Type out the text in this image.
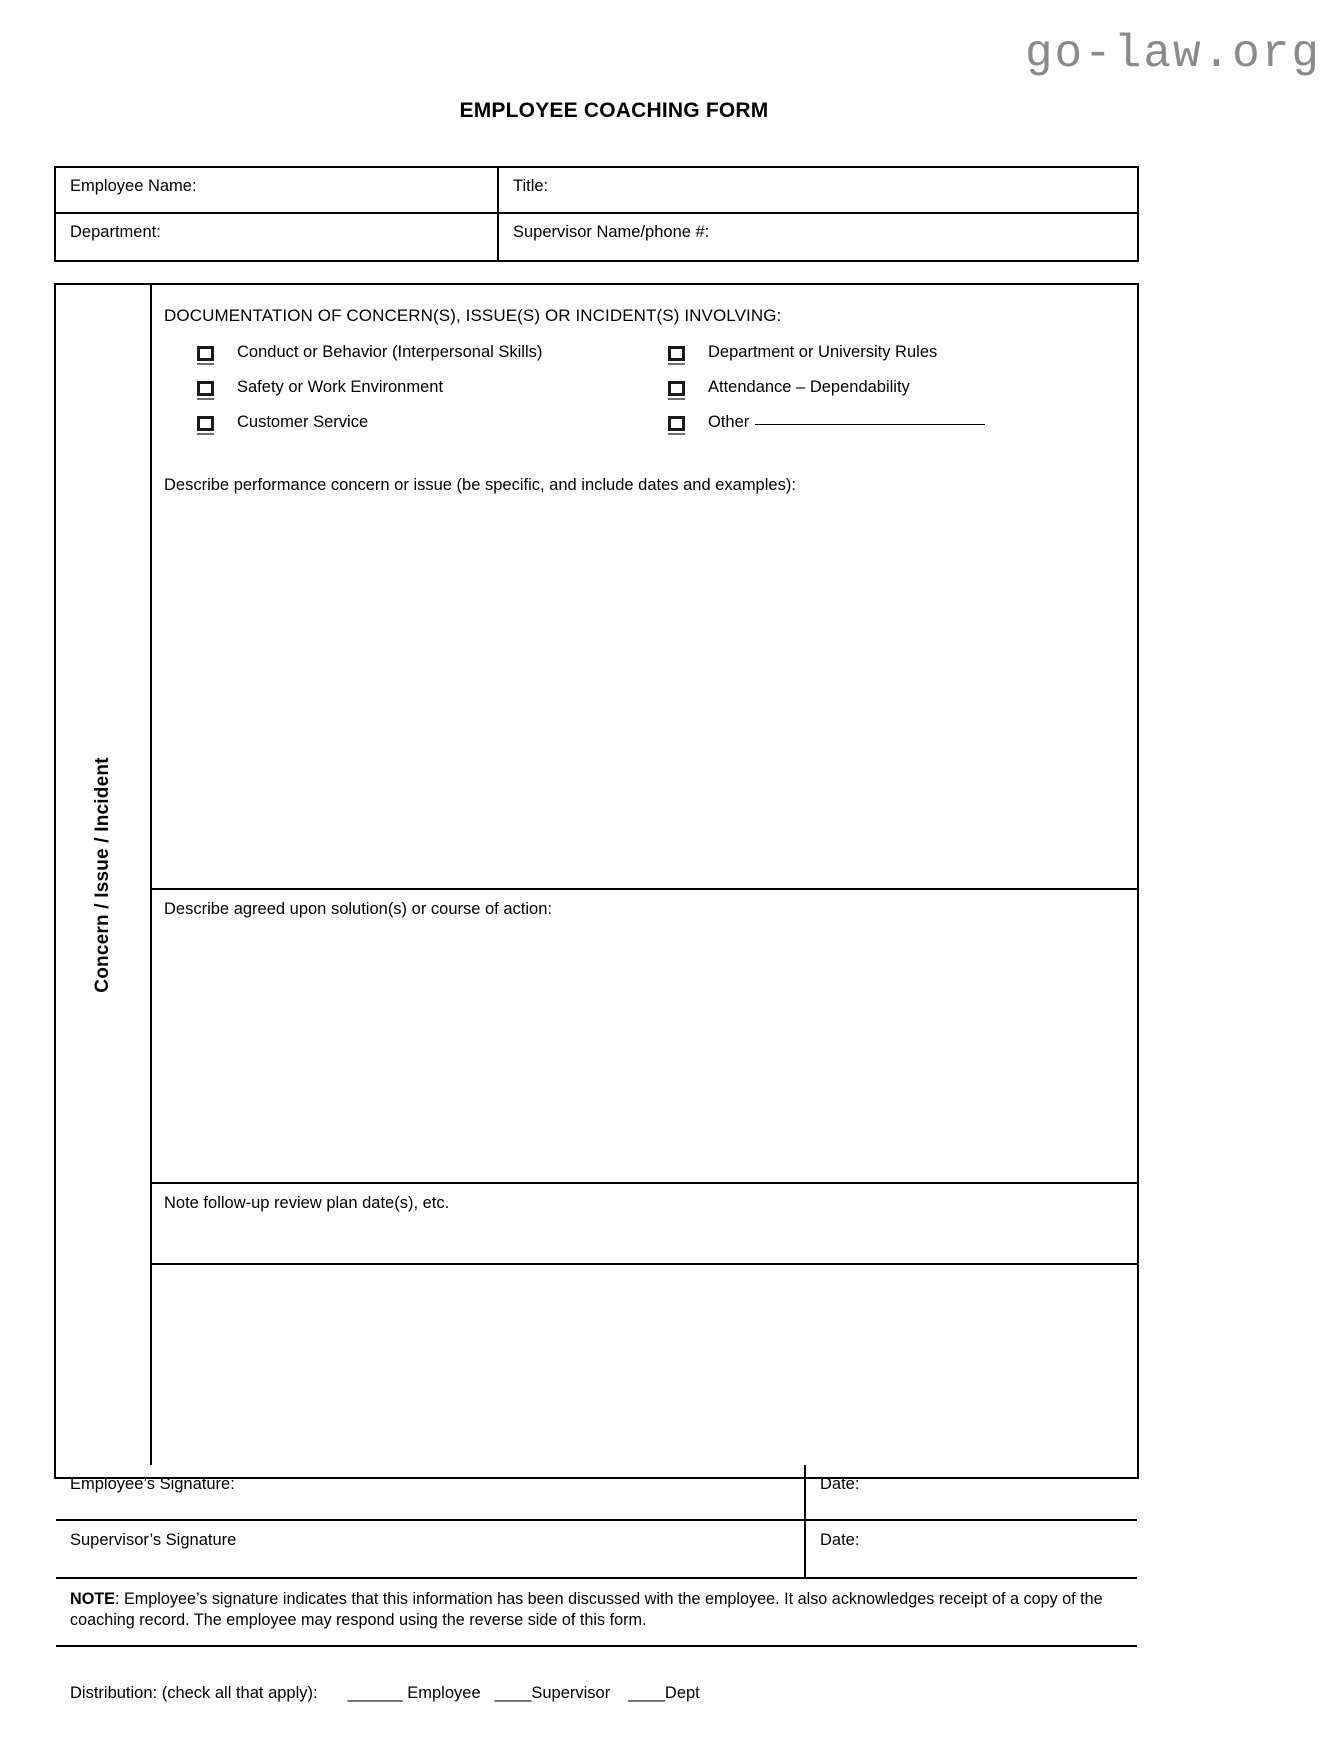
go-law.org
EMPLOYEE COACHING FORM
Employee Name:	Title:
Department:	Supervisor Name/phone #:
Concern / Issue / Incident
DOCUMENTATION OF CONCERN(S), ISSUE(S) OR INCIDENT(S) INVOLVING:
Conduct or Behavior (Interpersonal Skills)	Department or University Rules
Safety or Work Environment	Attendance – Dependability
Customer Service	Other
Describe performance concern or issue (be specific, and include dates and examples):
Describe agreed upon solution(s) or course of action:
Note follow-up review plan date(s), etc.
Employee’s Signature:	Date:
Supervisor’s Signature	Date:
NOTE: Employee’s signature indicates that this information has been discussed with the employee. It also acknowledges receipt of a copy of the coaching record. The employee may respond using the reverse side of this form.
Distribution: (check all that apply): ______ Employee ____Supervisor ____Dept
